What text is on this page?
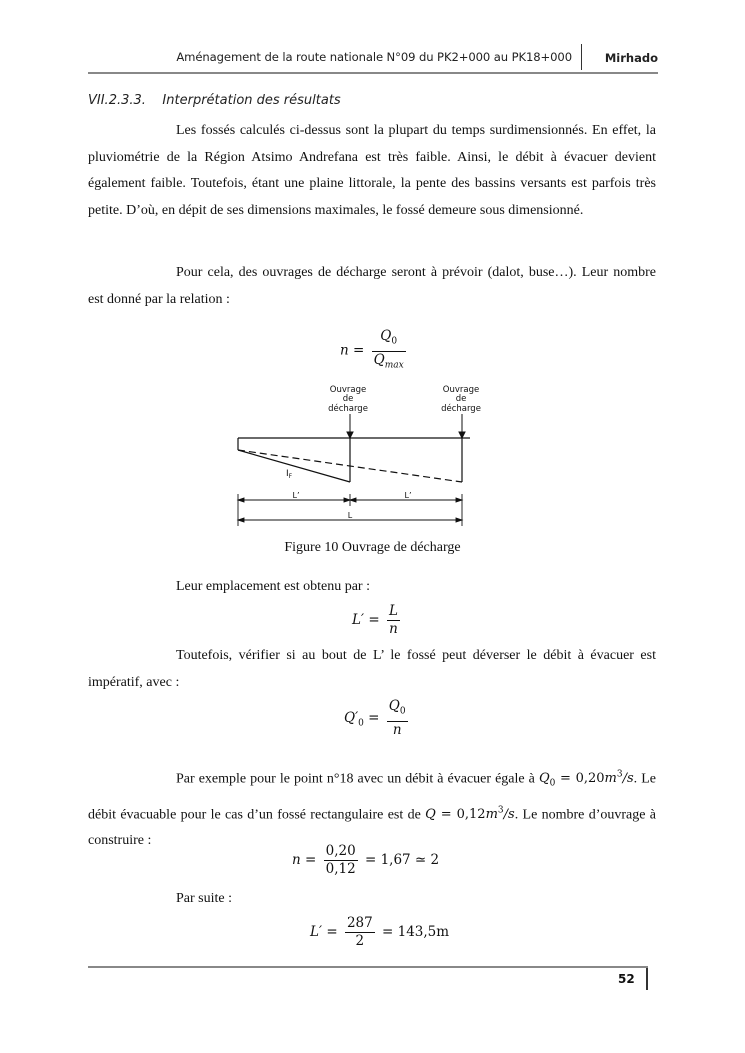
Aménagement de la route nationale N°09 du PK2+000 au PK18+000	Mirhado
VII.2.3.3.    Interprétation des résultats

Les fossés calculés ci-dessus sont la plupart du temps surdimensionnés. En effet, la pluviométrie de la Région Atsimo Andrefana est très faible. Ainsi, le débit à évacuer devient également faible. Toutefois, étant une plaine littorale, la pente des bassins versants est parfois très petite. D’où, en dépit de ses dimensions maximales, le fossé demeure sous dimensionné.

Pour cela, des ouvrages de décharge seront à prévoir (dalot, buse…). Leur nombre est donné par la relation :

$n = \frac{Q_0}{Q_{max}}$
Ouvrage
de
décharge
Ouvrage
de
décharge
$I_F$
L’	L’
L
Figure 10 Ouvrage de décharge

Leur emplacement est obtenu par :

$L' = \frac{L}{n}$

Toutefois, vérifier si au bout de L’ le fossé peut déverser le débit à évacuer est impératif, avec :

$Q'_0 = \frac{Q_0}{n}$

Par exemple pour le point n°18 avec un débit à évacuer égale à $Q_0 = 0,20m^3/s$. Le débit évacuable pour le cas d’un fossé rectangulaire est de $Q = 0,12m^3/s$. Le nombre d’ouvrage à construire :

$n = \frac{0,20}{0,12} = 1,67$ ≃ 2

Par suite :

$L' = \frac{287}{2} = 143,5m$
52
